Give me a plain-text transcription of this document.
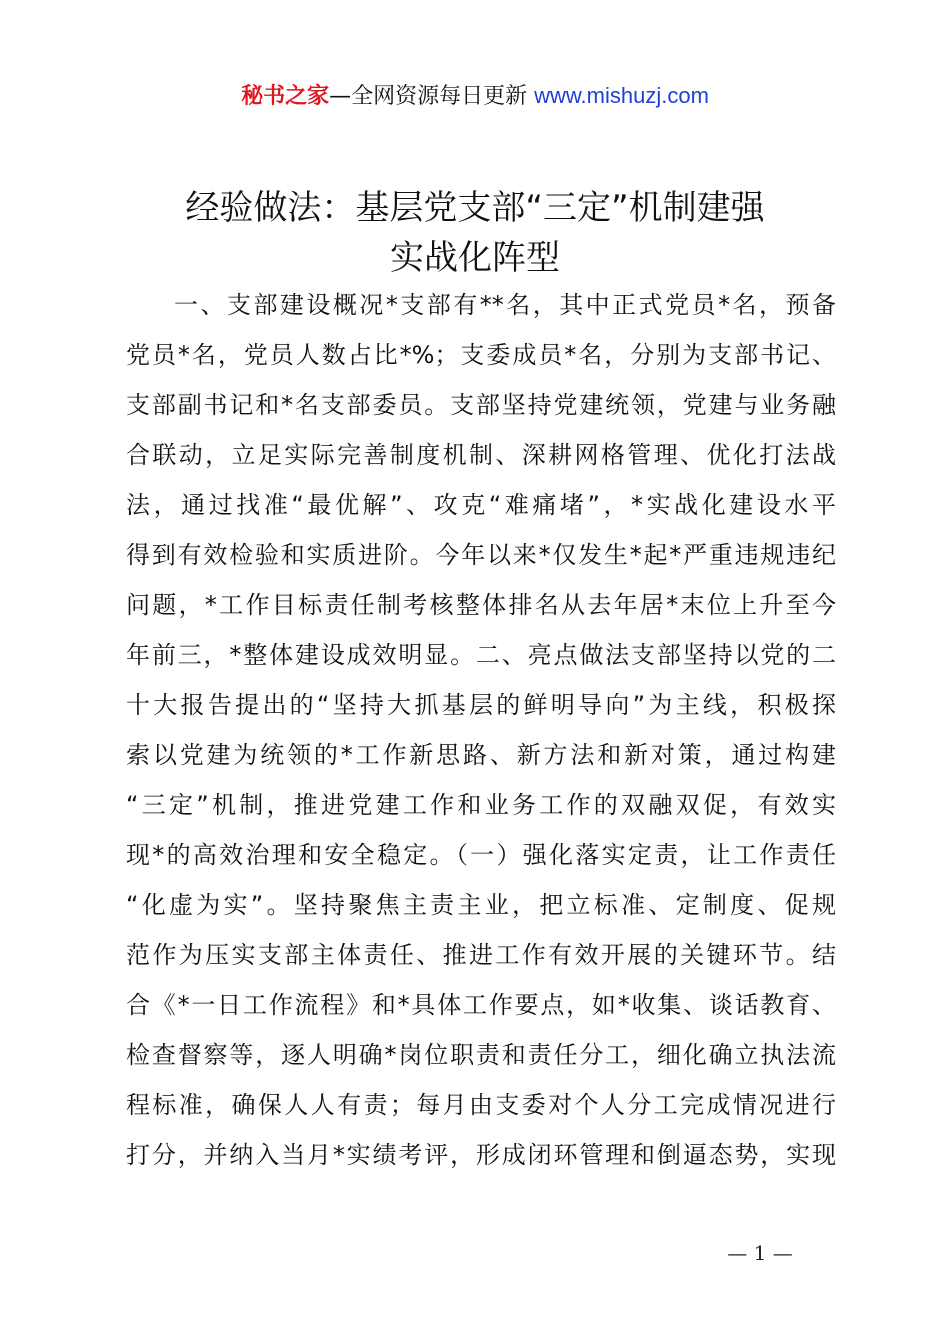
秘书之家—全网资源每日更新 www.mishuzj.com
经验做法：基层党支部“三定”机制建强
实战化阵型
一、支部建设概况*支部有**名，其中正式党员*名，预备
党员*名，党员人数占比*%；支委成员*名，分别为支部书记、
支部副书记和*名支部委员。支部坚持党建统领，党建与业务融
合联动，立足实际完善制度机制、深耕网格管理、优化打法战
法，通过找准“最优解”、攻克“难痛堵”，*实战化建设水平
得到有效检验和实质进阶。今年以来*仅发生*起*严重违规违纪
问题，*工作目标责任制考核整体排名从去年居*末位上升至今
年前三，*整体建设成效明显。二、亮点做法支部坚持以党的二
十大报告提出的“坚持大抓基层的鲜明导向”为主线，积极探
索以党建为统领的*工作新思路、新方法和新对策，通过构建
“三定”机制，推进党建工作和业务工作的双融双促，有效实
现*的高效治理和安全稳定。（一）强化落实定责，让工作责任
“化虚为实”。坚持聚焦主责主业，把立标准、定制度、促规
范作为压实支部主体责任、推进工作有效开展的关键环节。结
合《*一日工作流程》和*具体工作要点，如*收集、谈话教育、
检查督察等，逐人明确*岗位职责和责任分工，细化确立执法流
程标准，确保人人有责；每月由支委对个人分工完成情况进行
打分，并纳入当月*实绩考评，形成闭环管理和倒逼态势，实现
— 1 —
